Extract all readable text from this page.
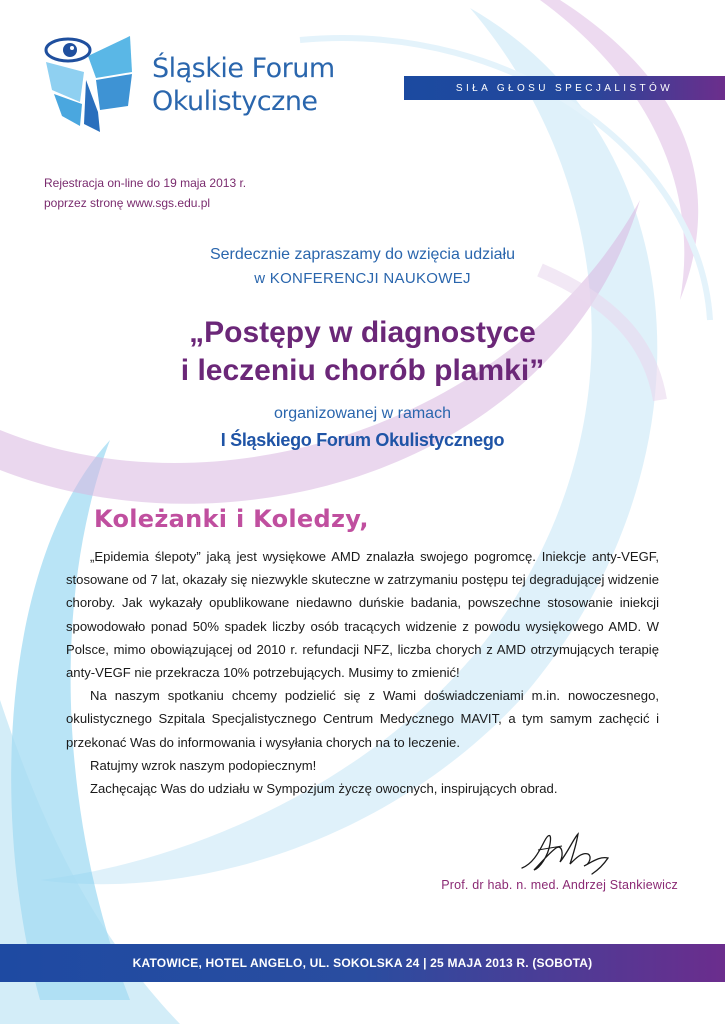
Śląskie Forum
Okulistyczne	SIŁA GŁOSU SPECJALISTÓW
Rejestracja on-line do 19 maja 2013 r.
poprzez stronę www.sgs.edu.pl
Serdecznie zapraszamy do wzięcia udziału
w KONFERENCJI NAUKOWEJ
„Postępy w diagnostyce
i leczeniu chorób plamki”
organizowanej w ramach
I Śląskiego Forum Okulistycznego
Koleżanki i Koledzy,

„Epidemia ślepoty” jaką jest wysiękowe AMD znalazła swojego pogromcę. Iniekcje anty-VEGF, stosowane od 7 lat, okazały się niezwykle skuteczne w zatrzymaniu postępu tej degradującej widzenie choroby. Jak wykazały opublikowane niedawno duńskie badania, powszechne stosowanie iniekcji spowodowało ponad 50% spadek liczby osób tracących widzenie z powodu wysiękowego AMD. W Polsce, mimo obowiązującej od 2010 r. refundacji NFZ, liczba chorych z AMD otrzymujących terapię anty-VEGF nie przekracza 10% potrzebujących. Musimy to zmienić!

Na naszym spotkaniu chcemy podzielić się z Wami doświadczeniami m.in. nowoczesnego, okulistycznego Szpitala Specjalistycznego Centrum Medycznego MAVIT, a tym samym zachęcić i przekonać Was do informowania i wysyłania chorych na to leczenie.

Ratujmy wzrok naszym podopiecznym!

Zachęcając Was do udziału w Sympozjum życzę owocnych, inspirujących obrad.

Prof. dr hab. n. med. Andrzej Stankiewicz
KATOWICE, HOTEL ANGELO, UL. SOKOLSKA 24 | 25 MAJA 2013 R. (SOBOTA)
